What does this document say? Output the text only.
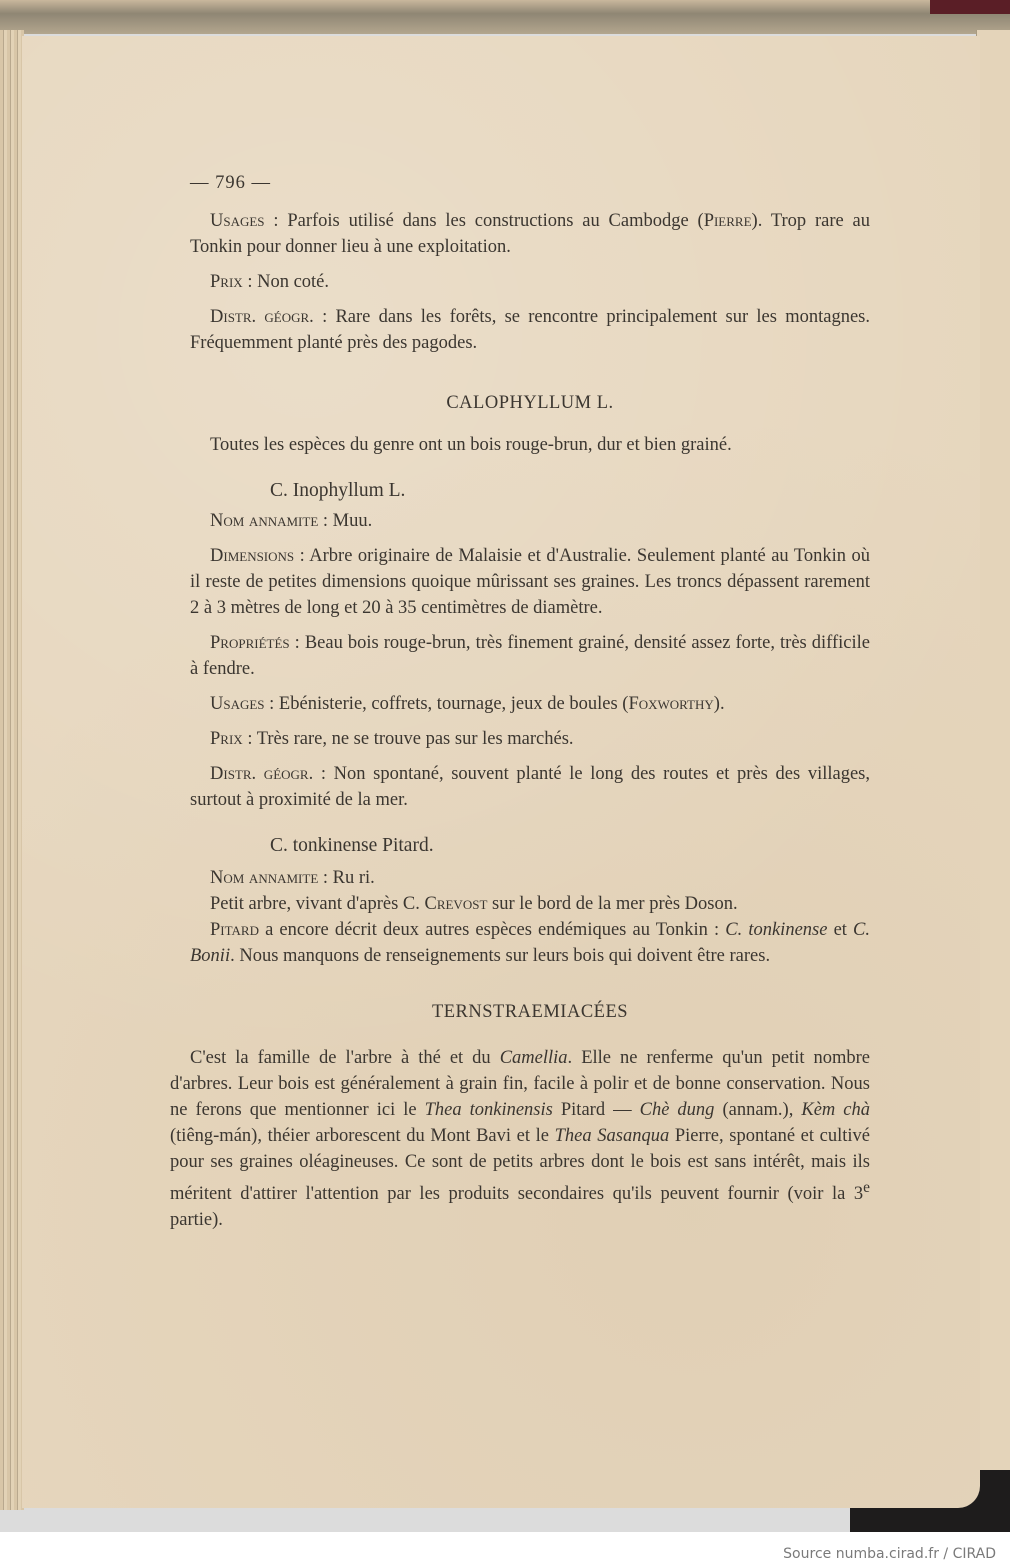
— 796 —

Usages : Parfois utilisé dans les constructions au Cambodge (Pierre). Trop rare au Tonkin pour donner lieu à une exploitation.

Prix : Non coté.

Distr. géogr. : Rare dans les forêts, se rencontre principalement sur les montagnes. Fréquemment planté près des pagodes.

CALOPHYLLUM L.

Toutes les espèces du genre ont un bois rouge-brun, dur et bien grainé.

C. Inophyllum L.

Nom annamite : Muu.

Dimensions : Arbre originaire de Malaisie et d'Australie. Seulement planté au Tonkin où il reste de petites dimensions quoique mûrissant ses graines. Les troncs dépassent rarement 2 à 3 mètres de long et 20 à 35 centimètres de diamètre.

Propriétés : Beau bois rouge-brun, très finement grainé, densité assez forte, très difficile à fendre.

Usages : Ebénisterie, coffrets, tournage, jeux de boules (Foxworthy).

Prix : Très rare, ne se trouve pas sur les marchés.

Distr. géogr. : Non spontané, souvent planté le long des routes et près des villages, surtout à proximité de la mer.

C. tonkinense Pitard.

Nom annamite : Ru ri.

Petit arbre, vivant d'après C. Crevost sur le bord de la mer près Doson.

Pitard a encore décrit deux autres espèces endémiques au Tonkin : C. tonkinense et C. Bonii. Nous manquons de renseignements sur leurs bois qui doivent être rares.

TERNSTRAEMIACÉES

C'est la famille de l'arbre à thé et du Camellia. Elle ne renferme qu'un petit nombre d'arbres. Leur bois est généralement à grain fin, facile à polir et de bonne conservation. Nous ne ferons que mentionner ici le Thea tonkinensis Pitard — Chè dung (annam.), Kèm chà (tiêng-mán), théier arborescent du Mont Bavi et le Thea Sasanqua Pierre, spontané et cultivé pour ses graines oléagineuses. Ce sont de petits arbres dont le bois est sans intérêt, mais ils méritent d'attirer l'attention par les produits secondaires qu'ils peuvent fournir (voir la 3e partie).

Source numba.cirad.fr / CIRAD
